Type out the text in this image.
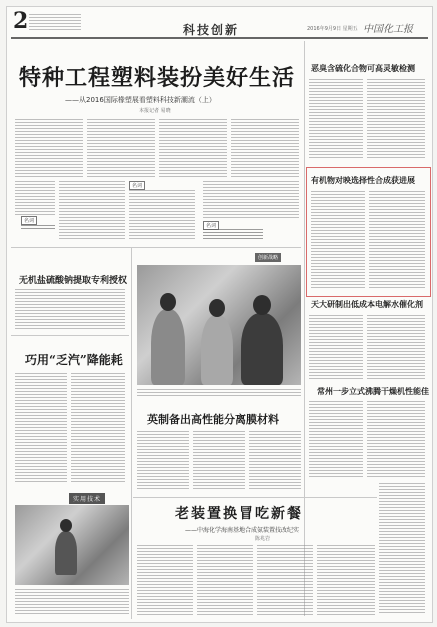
2	科技创新	2016年9月9日 星期五 中国化工报
特种工程塑料装扮美好生活
——从2016国际橡塑展看塑料科技新潮流（上）
本报记者 易晓
名词
名词
名词
恶臭含硫化合物可高灵敏检测
有机物对映选择性合成获进展
天大研制出低成本电解水催化剂
常州一步立式沸腾干燥机性能佳
无机盐硫酸钠提取专利授权
巧用“乏汽”降能耗
实用技术
创新战略
英制备出高性能分离膜材料
老装置换冒吃新餐
——中海化学海南基地合成氨装置技改纪实
陈兆岩
